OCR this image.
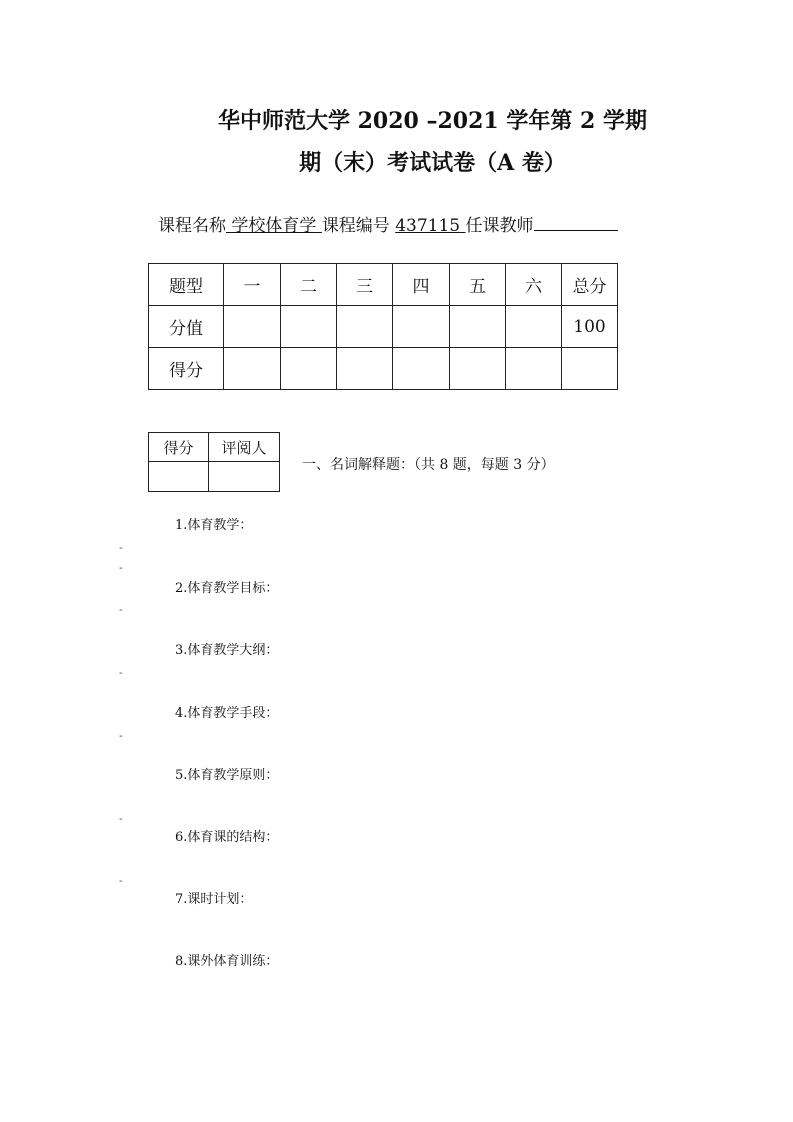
华中师范大学 2020 –2021 学年第 2 学期
期（末）考试试卷（A 卷）
课程名称 学校体育学 课程编号 437115 任课教师
题型	一	二	三	四	五	六	总分
分值							100
得分							
得分	评阅人

一、名词解释题：（共 8 题，每题 3 分）
1.体育教学：
2.体育教学目标：
3.体育教学大纲：
4.体育教学手段：
5.体育教学原则：
6.体育课的结构：
7.课时计划：
8.课外体育训练：
-
-
-
-
-
-
-
